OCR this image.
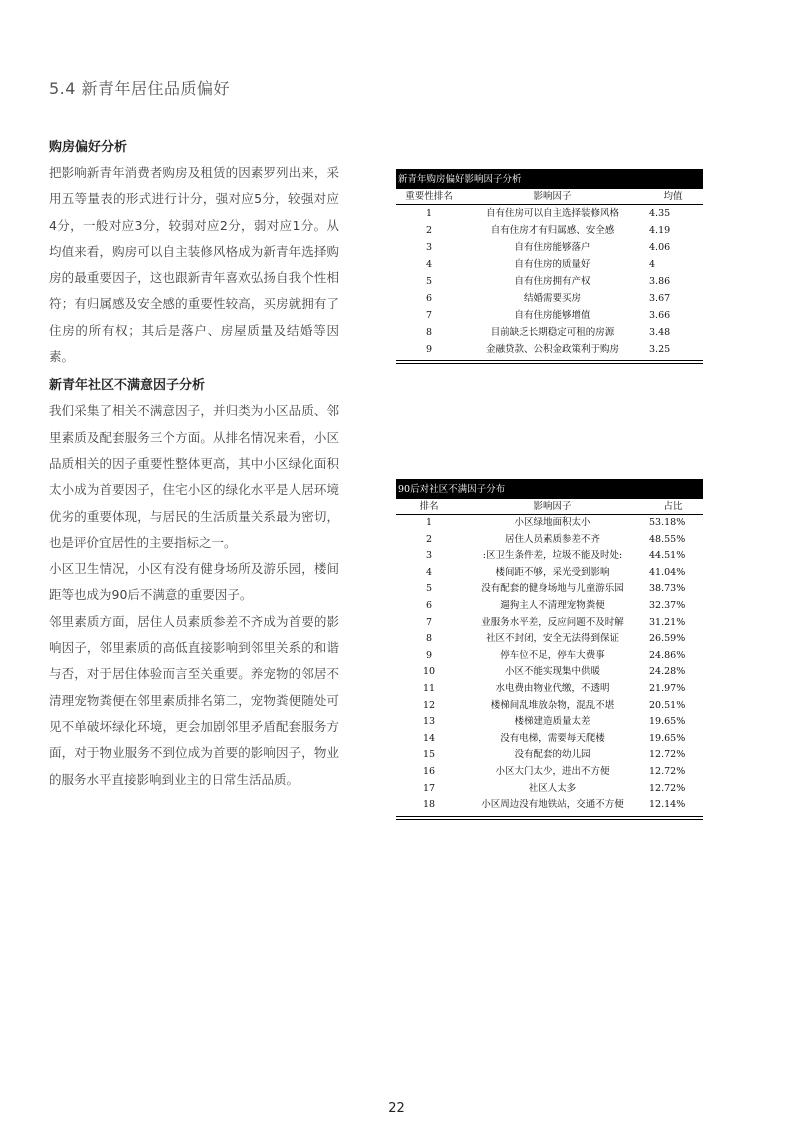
5.4 新青年居住品质偏好
购房偏好分析

把影响新青年消费者购房及租赁的因素罗列出来，采用五等量表的形式进行计分，强对应5分，较强对应4分，一般对应3分，较弱对应2分，弱对应1分。从均值来看，购房可以自主装修风格成为新青年选择购房的最重要因子，这也跟新青年喜欢弘扬自我个性相符；有归属感及安全感的重要性较高，买房就拥有了住房的所有权；其后是落户、房屋质量及结婚等因素。

新青年社区不满意因子分析

我们采集了相关不满意因子，并归类为小区品质、邻里素质及配套服务三个方面。从排名情况来看，小区品质相关的因子重要性整体更高，其中小区绿化面积太小成为首要因子，住宅小区的绿化水平是人居环境优劣的重要体现，与居民的生活质量关系最为密切，也是评价宜居性的主要指标之一。

小区卫生情况，小区有没有健身场所及游乐园，楼间距等也成为90后不满意的重要因子。

邻里素质方面，居住人员素质参差不齐成为首要的影响因子，邻里素质的高低直接影响到邻里关系的和谐与否，对于居住体验而言至关重要。养宠物的邻居不清理宠物粪便在邻里素质排名第二，宠物粪便随处可见不单破坏绿化环境，更会加剧邻里矛盾配套服务方面，对于物业服务不到位成为首要的影响因子，物业的服务水平直接影响到业主的日常生活品质。

新青年购房偏好影响因子分析
重要性排名	影响因子	均值
1	自有住房可以自主选择装修风格	4.35
2	自有住房才有归属感、安全感	4.19
3	自有住房能够落户	4.06
4	自有住房的质量好	4
5	自有住房拥有产权	3.86
6	结婚需要买房	3.67
7	自有住房能够增值	3.66
8	目前缺乏长期稳定可租的房源	3.48
9	金融贷款、公积金政策利于购房	3.25
90后对社区不满因子分布
排名	影响因子	占比
1	小区绿地面积太小	53.18%
2	居住人员素质参差不齐	48.55%
3	:区卫生条件差，垃圾不能及时处:	44.51%
4	楼间距不够，采光受到影响	41.04%
5	没有配套的健身场地与儿童游乐园	38.73%
6	遛狗主人不清理宠物粪便	32.37%
7	业服务水平差，反应问题不及时解	31.21%
8	社区不封闭，安全无法得到保证	26.59%
9	停车位不足，停车大费事	24.86%
10	小区不能实现集中供暖	24.28%
11	水电费由物业代缴，不透明	21.97%
12	楼梯间乱堆放杂物，混乱不堪	20.51%
13	楼梯建造质量太差	19.65%
14	没有电梯，需要每天爬楼	19.65%
15	没有配套的幼儿园	12.72%
16	小区大门太少，进出不方便	12.72%
17	社区人太多	12.72%
18	小区周边没有地铁站，交通不方便	12.14%
22
